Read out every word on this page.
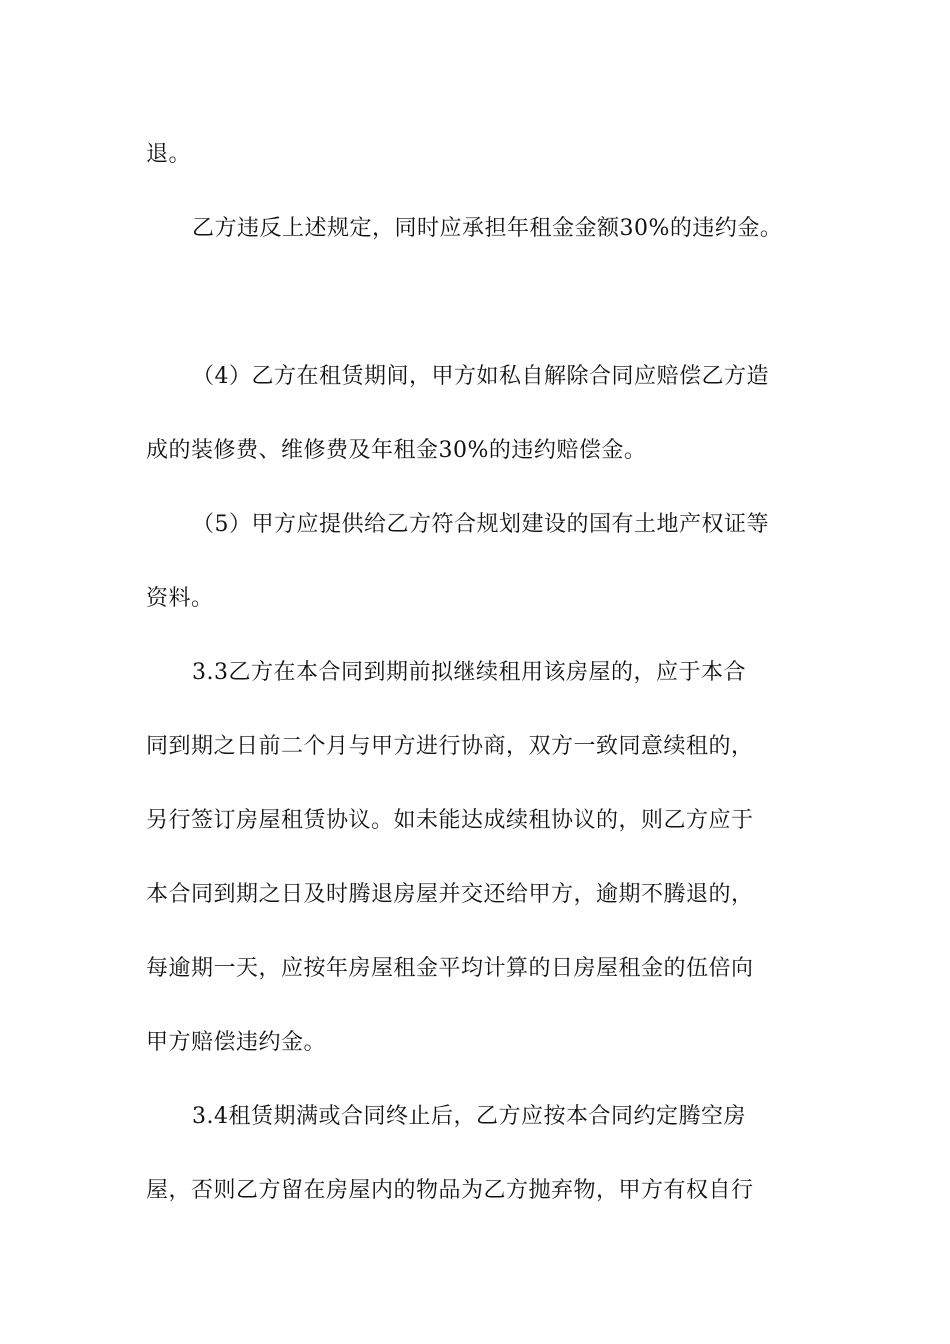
退。
乙方违反上述规定，同时应承担年租金金额30%的违约金。
（4）乙方在租赁期间，甲方如私自解除合同应赔偿乙方造
成的装修费、维修费及年租金30%的违约赔偿金。
（5）甲方应提供给乙方符合规划建设的国有土地产权证等
资料。
3.3乙方在本合同到期前拟继续租用该房屋的，应于本合
同到期之日前二个月与甲方进行协商，双方一致同意续租的，
另行签订房屋租赁协议。如未能达成续租协议的，则乙方应于
本合同到期之日及时腾退房屋并交还给甲方，逾期不腾退的，
每逾期一天，应按年房屋租金平均计算的日房屋租金的伍倍向
甲方赔偿违约金。
3.4租赁期满或合同终止后，乙方应按本合同约定腾空房
屋，否则乙方留在房屋内的物品为乙方抛弃物，甲方有权自行
